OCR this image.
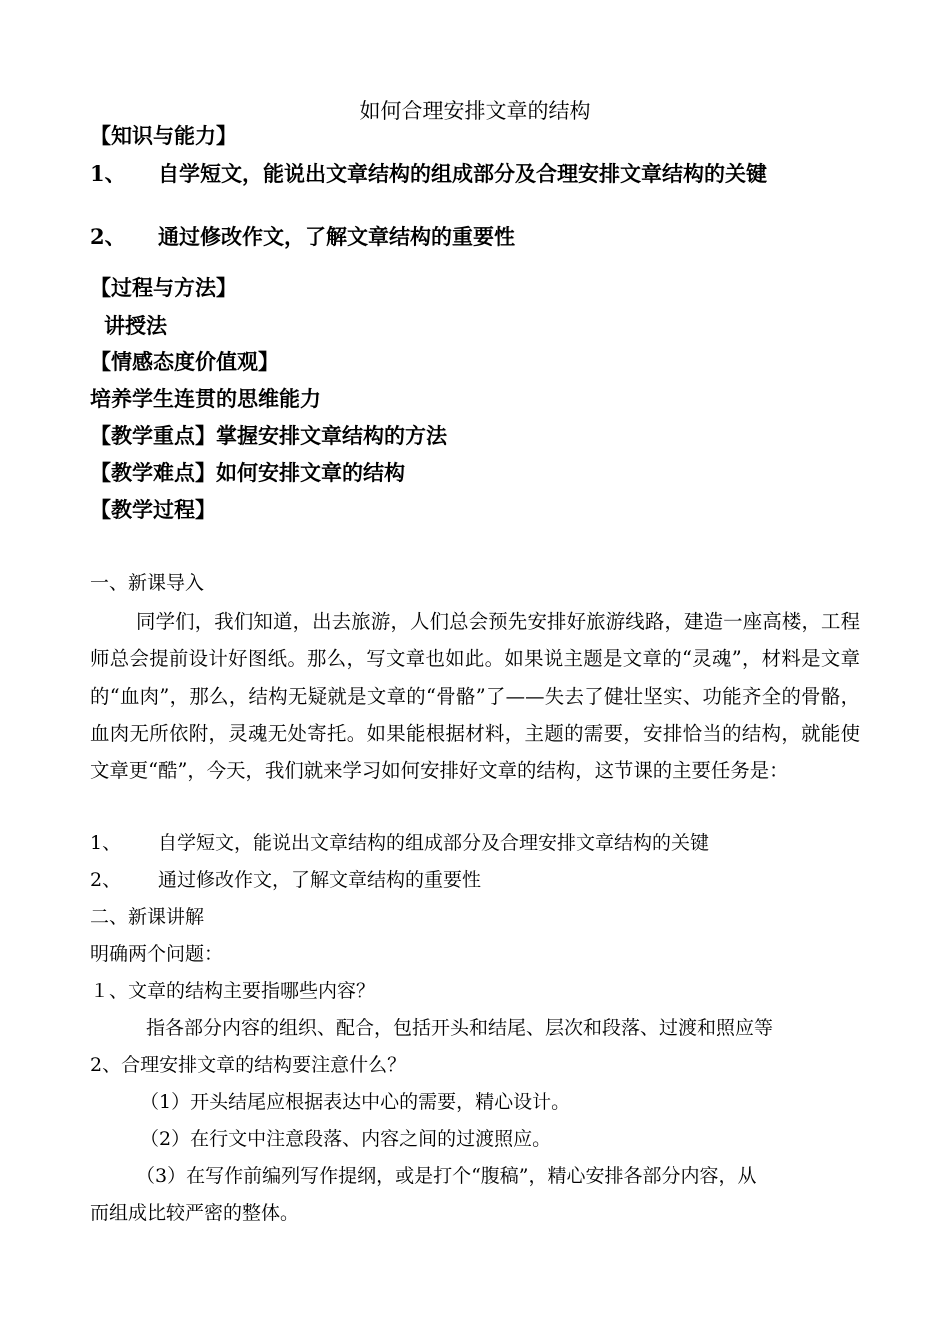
如何合理安排文章的结构
【知识与能力】
1、 自学短文，能说出文章结构的组成部分及合理安排文章结构的关键
2、 通过修改作文，了解文章结构的重要性
【过程与方法】
讲授法
【情感态度价值观】
培养学生连贯的思维能力
【教学重点】掌握安排文章结构的方法
【教学难点】如何安排文章的结构
【教学过程】
一、新课导入
同学们，我们知道，出去旅游，人们总会预先安排好旅游线路，建造一座高楼，工程师总会提前设计好图纸。那么，写文章也如此。如果说主题是文章的“灵魂”，材料是文章的“血肉”，那么，结构无疑就是文章的“骨骼”了——失去了健壮坚实、功能齐全的骨骼，血肉无所依附，灵魂无处寄托。如果能根据材料，主题的需要，安排恰当的结构，就能使文章更“酷”，今天，我们就来学习如何安排好文章的结构，这节课的主要任务是：
1、 自学短文，能说出文章结构的组成部分及合理安排文章结构的关键
2、 通过修改作文，了解文章结构的重要性
二、新课讲解
明确两个问题：
１、文章的结构主要指哪些内容？
指各部分内容的组织、配合，包括开头和结尾、层次和段落、过渡和照应等
2、合理安排文章的结构要注意什么？
（1）开头结尾应根据表达中心的需要，精心设计。
（2）在行文中注意段落、内容之间的过渡照应。
（3）在写作前编列写作提纲，或是打个“腹稿”，精心安排各部分内容，从
而组成比较严密的整体。
